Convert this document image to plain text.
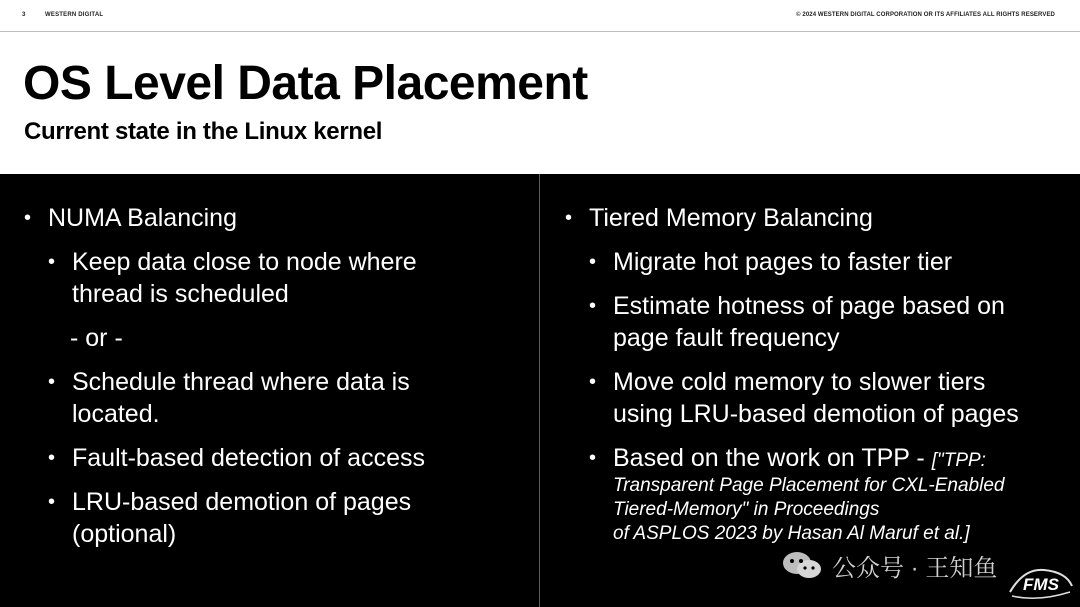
3	WESTERN DIGITAL	© 2024 WESTERN DIGITAL CORPORATION OR ITS AFFILIATES ALL RIGHTS RESERVED
OS Level Data Placement
Current state in the Linux kernel
• NUMA Balancing
• Keep data close to node where
thread is scheduled
- or -
• Schedule thread where data is
located.
• Fault-based detection of access
• LRU-based demotion of pages
(optional)
• Tiered Memory Balancing
• Migrate hot pages to faster tier
• Estimate hotness of page based on
page fault frequency
• Move cold memory to slower tiers
using LRU-based demotion of pages
• Based on the work on TPP - ["TPP:
Transparent Page Placement for CXL-Enabled
Tiered-Memory" in Proceedings
of ASPLOS 2023 by Hasan Al Maruf et al.]
公众号 · 王知鱼
FMS
